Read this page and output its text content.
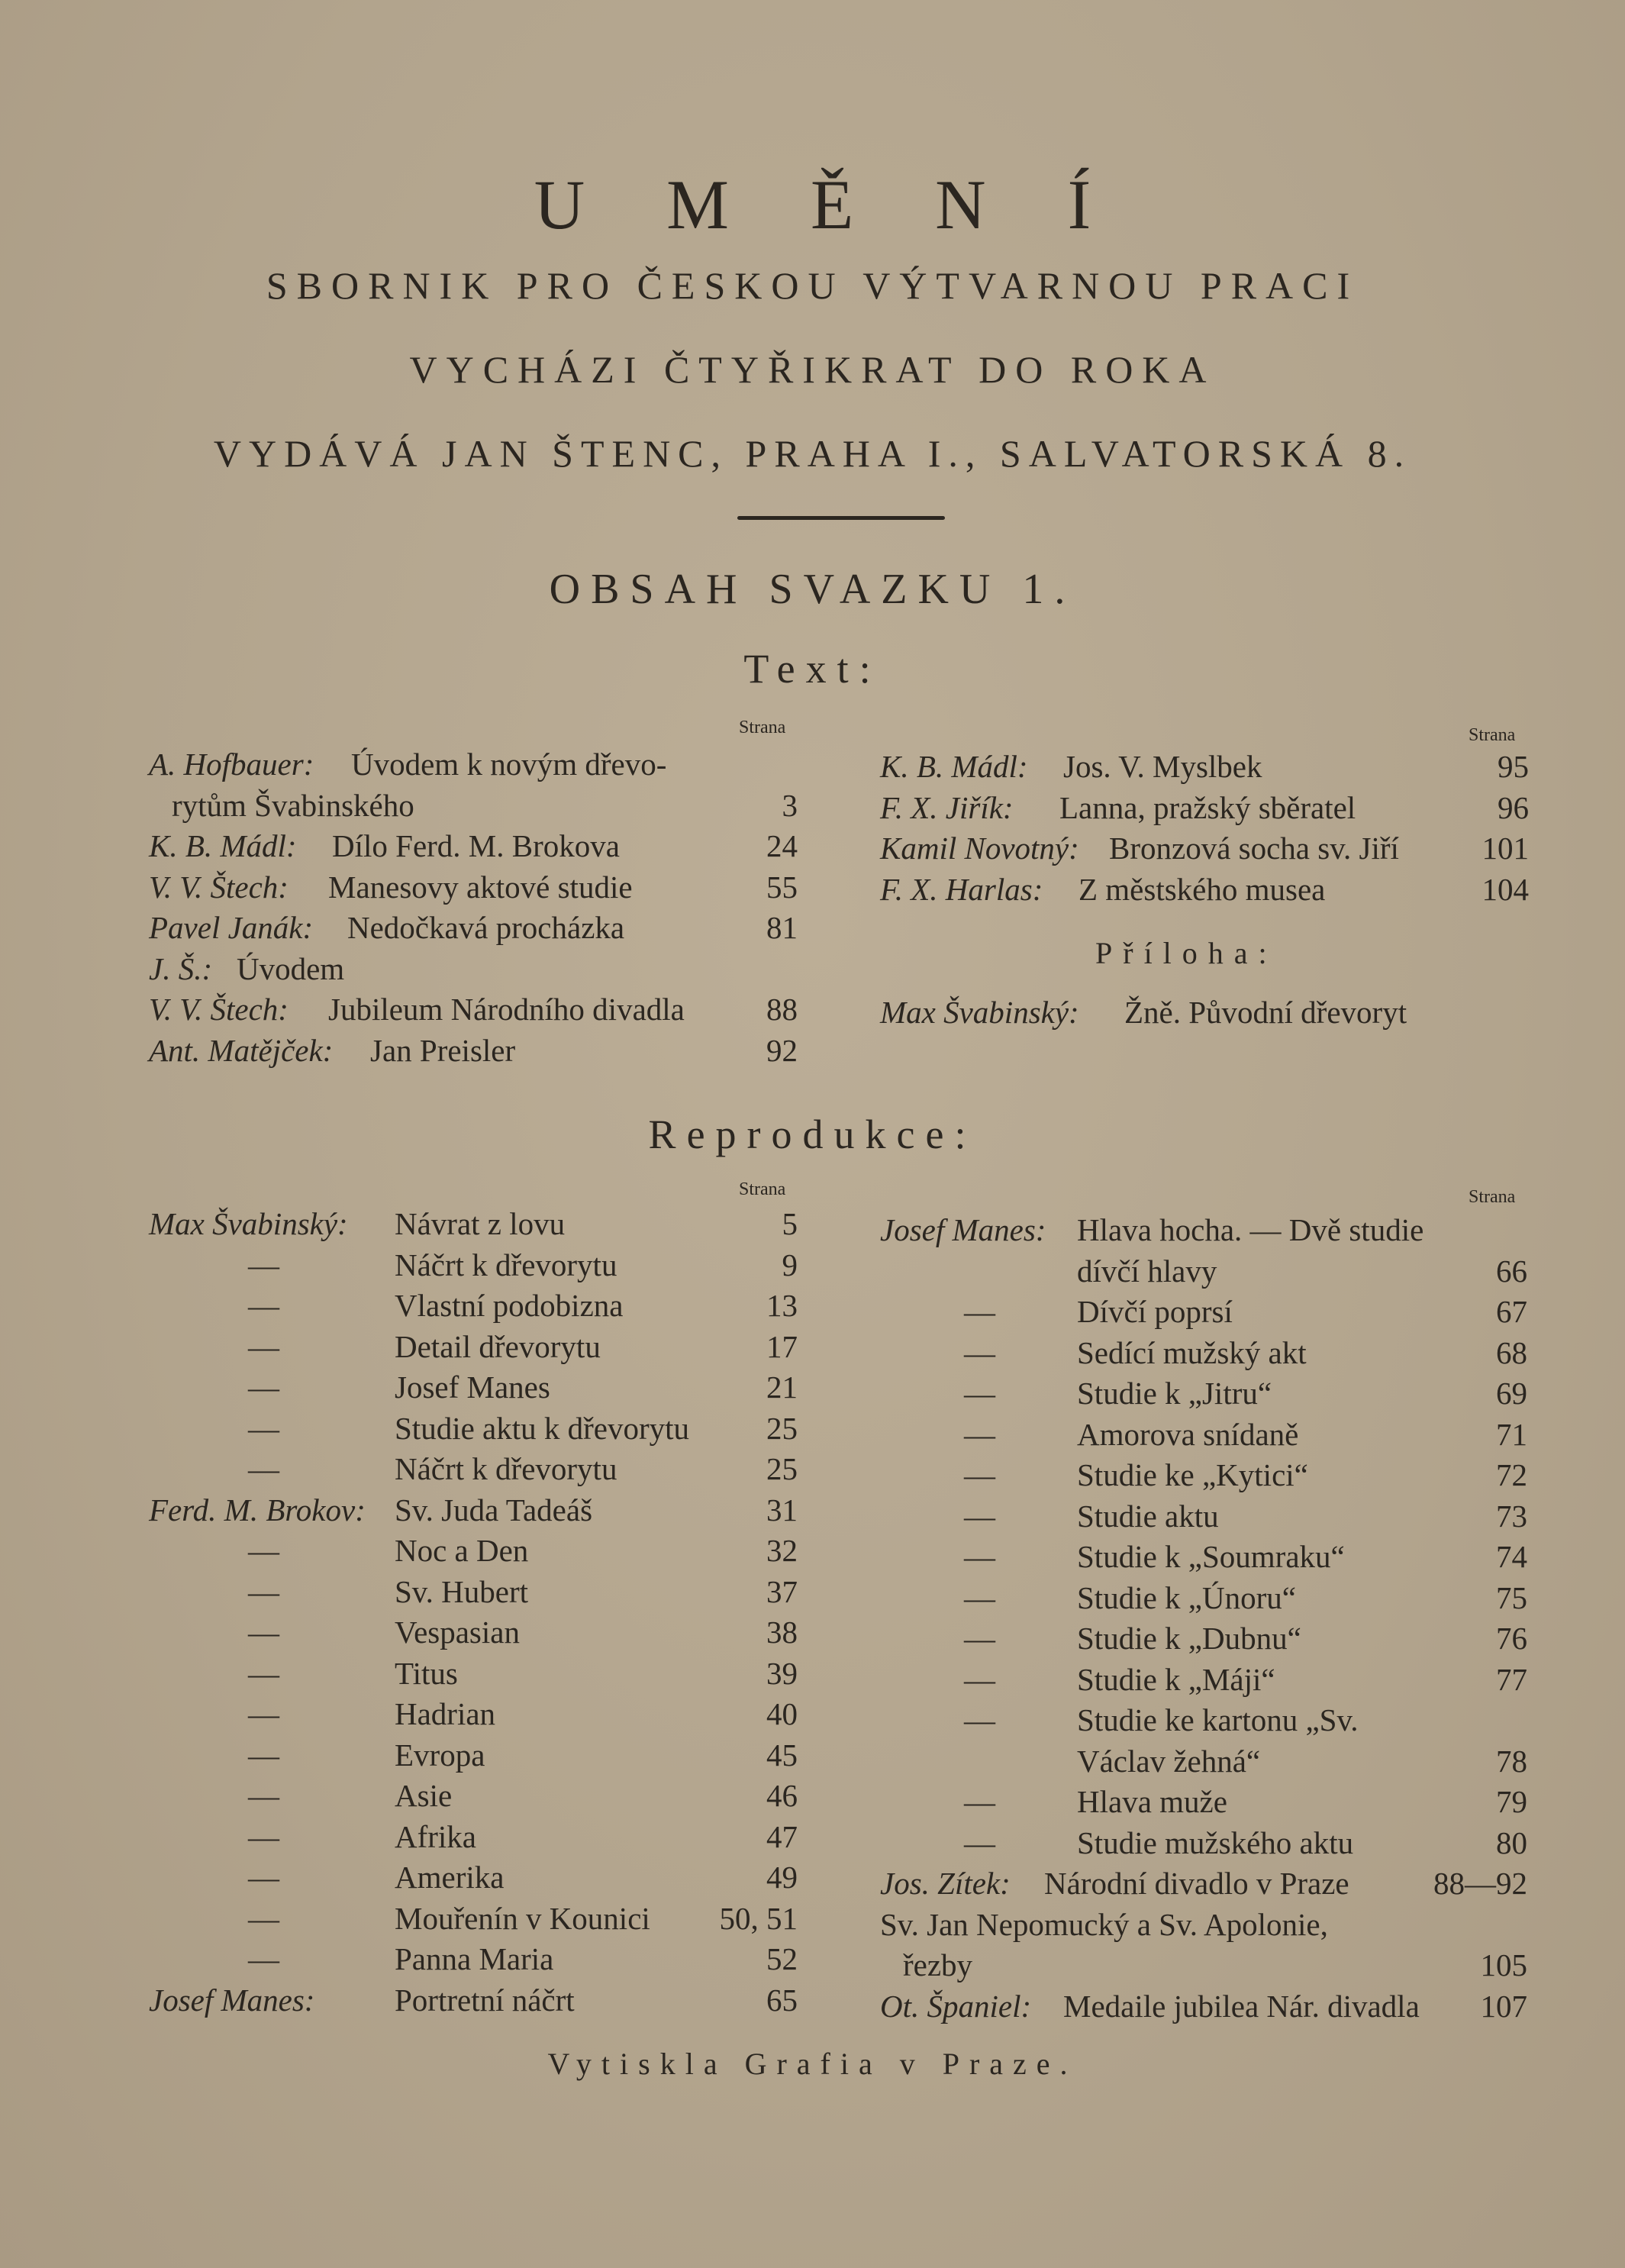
U M Ě N Í
SBORNIK PRO ČESKOU VÝTVARNOU PRACI
VYCHÁZI ČTYŘIKRAT DO ROKA
VYDÁVÁ JAN ŠTENC, PRAHA I., SALVATORSKÁ 8.
OBSAH SVAZKU 1.
Text:
Strana	Strana
A. Hofbauer: Úvodem k novým dřevo-
rytům Švabinského	3
K. B. Mádl: Dílo Ferd. M. Brokova	24
V. V. Štech: Manesovy aktové studie	55
Pavel Janák: Nedočkavá procházka	81
J. Š.: Úvodem
V. V. Štech: Jubileum Národního divadla	88
Ant. Matějček: Jan Preisler	92
K. B. Mádl: Jos. V. Myslbek	95
F. X. Jiřík: Lanna, pražský sběratel	96
Kamil Novotný: Bronzová socha sv. Jiří	101
F. X. Harlas: Z městského musea	104
Příloha:
Max Švabinský: Žně. Původní dřevoryt
Reprodukce:
Strana	Strana
Max Švabinský: Návrat z lovu	5
—	Náčrt k dřevorytu	9
—	Vlastní podobizna	13
—	Detail dřevorytu	17
—	Josef Manes	21
—	Studie aktu k dřevorytu 25
—	Náčrt k dřevorytu	25
Ferd. M. Brokov: Sv. Juda Tadeáš	31
—	Noc a Den	32
—	Sv. Hubert	37
—	Vespasian	38
—	Titus	39
—	Hadrian	40
—	Evropa	45
—	Asie	46
—	Afrika	47
—	Amerika	49
—	Mouřenín v Kounici 50, 51
—	Panna Maria	52
Josef Manes:	Portretní náčrt	65
Josef Manes: Hlava hocha. — Dvě studie
dívčí hlavy	66
—	Dívčí poprsí	67
—	Sedící mužský akt	68
—	Studie k „Jitru“	69
—	Amorova snídaně	71
—	Studie ke „Kytici“	72
—	Studie aktu	73
—	Studie k „Soumraku“	74
—	Studie k „Únoru“	75
—	Studie k „Dubnu“	76
—	Studie k „Máji“	77
—	Studie ke kartonu „Sv.
Václav žehná“	78
—	Hlava muže	79
—	Studie mužského aktu	80
Jos. Zítek: Národní divadlo v Praze	88—92
Sv. Jan Nepomucký a Sv. Apolonie,
řezby	105
Ot. Španiel: Medaile jubilea Nár. divadla 107
Vytiskla Grafia v Praze.
